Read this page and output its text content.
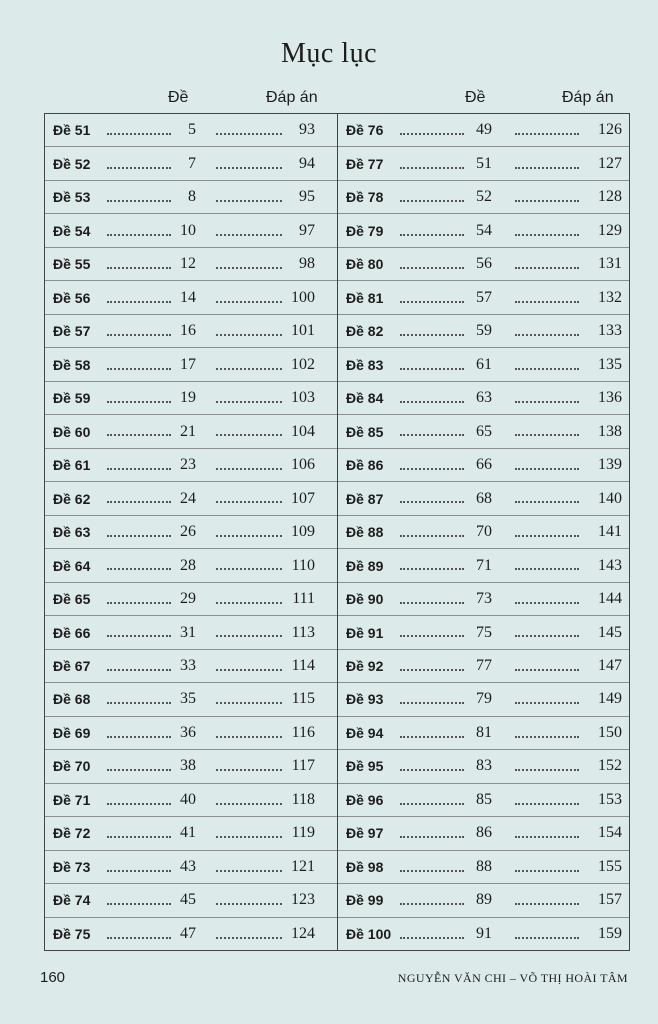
Mục lục
Đề	Đáp án	Đề	Đáp án
Đề 51	5	93
Đề 52	7	94
Đề 53	8	95
Đề 54	10	97
Đề 55	12	98
Đề 56	14	100
Đề 57	16	101
Đề 58	17	102
Đề 59	19	103
Đề 60	21	104
Đề 61	23	106
Đề 62	24	107
Đề 63	26	109
Đề 64	28	110
Đề 65	29	111
Đề 66	31	113
Đề 67	33	114
Đề 68	35	115
Đề 69	36	116
Đề 70	38	117
Đề 71	40	118
Đề 72	41	119
Đề 73	43	121
Đề 74	45	123
Đề 75	47	124
Đề 76	49	126
Đề 77	51	127
Đề 78	52	128
Đề 79	54	129
Đề 80	56	131
Đề 81	57	132
Đề 82	59	133
Đề 83	61	135
Đề 84	63	136
Đề 85	65	138
Đề 86	66	139
Đề 87	68	140
Đề 88	70	141
Đề 89	71	143
Đề 90	73	144
Đề 91	75	145
Đề 92	77	147
Đề 93	79	149
Đề 94	81	150
Đề 95	83	152
Đề 96	85	153
Đề 97	86	154
Đề 98	88	155
Đề 99	89	157
Đề 100	91	159
160	NGUYỄN VĂN CHI – VÕ THỊ HOÀI TÂM
